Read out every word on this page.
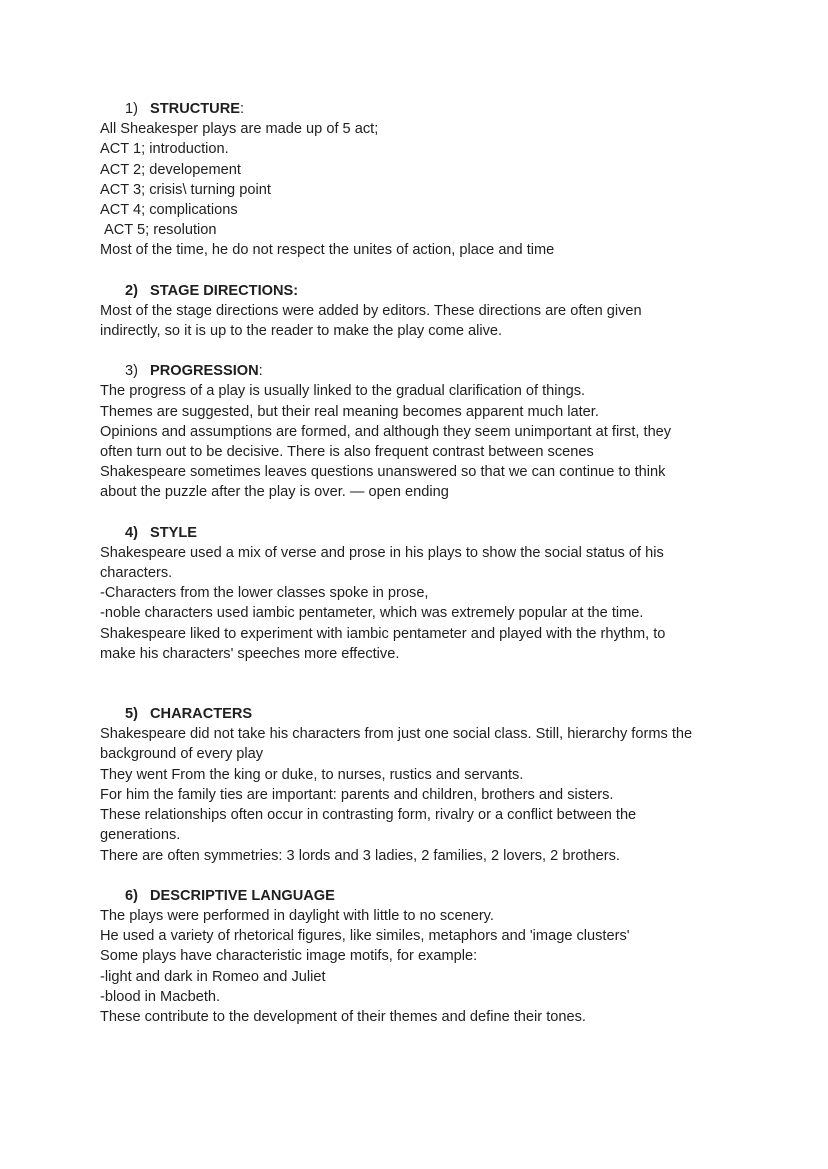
1) STRUCTURE:
All Sheakesper plays are made up of 5 act;
ACT 1; introduction.
ACT 2; developement
ACT 3; crisis\ turning point
ACT 4; complications
ACT 5; resolution
Most of the time, he do not respect the unites of action, place and time
2) STAGE DIRECTIONS:
Most of the stage directions were added by editors. These directions are often given
indirectly, so it is up to the reader to make the play come alive.
3) PROGRESSION:
The progress of a play is usually linked to the gradual clarification of things.
Themes are suggested, but their real meaning becomes apparent much later.
Opinions and assumptions are formed, and although they seem unimportant at first, they
often turn out to be decisive. There is also frequent contrast between scenes
Shakespeare sometimes leaves questions unanswered so that we can continue to think
about the puzzle after the play is over. — open ending
4) STYLE
Shakespeare used a mix of verse and prose in his plays to show the social status of his
characters.
-Characters from the lower classes spoke in prose,
-noble characters used iambic pentameter, which was extremely popular at the time.
Shakespeare liked to experiment with iambic pentameter and played with the rhythm, to
make his characters' speeches more effective.
5) CHARACTERS
Shakespeare did not take his characters from just one social class. Still, hierarchy forms the
background of every play
They went From the king or duke, to nurses, rustics and servants.
For him the family ties are important: parents and children, brothers and sisters.
These relationships often occur in contrasting form, rivalry or a conflict between the
generations.
There are often symmetries: 3 lords and 3 ladies, 2 families, 2 lovers, 2 brothers.
6) DESCRIPTIVE LANGUAGE
The plays were performed in daylight with little to no scenery.
He used a variety of rhetorical figures, like similes, metaphors and 'image clusters'
Some plays have characteristic image motifs, for example:
-light and dark in Romeo and Juliet
-blood in Macbeth.
These contribute to the development of their themes and define their tones.
